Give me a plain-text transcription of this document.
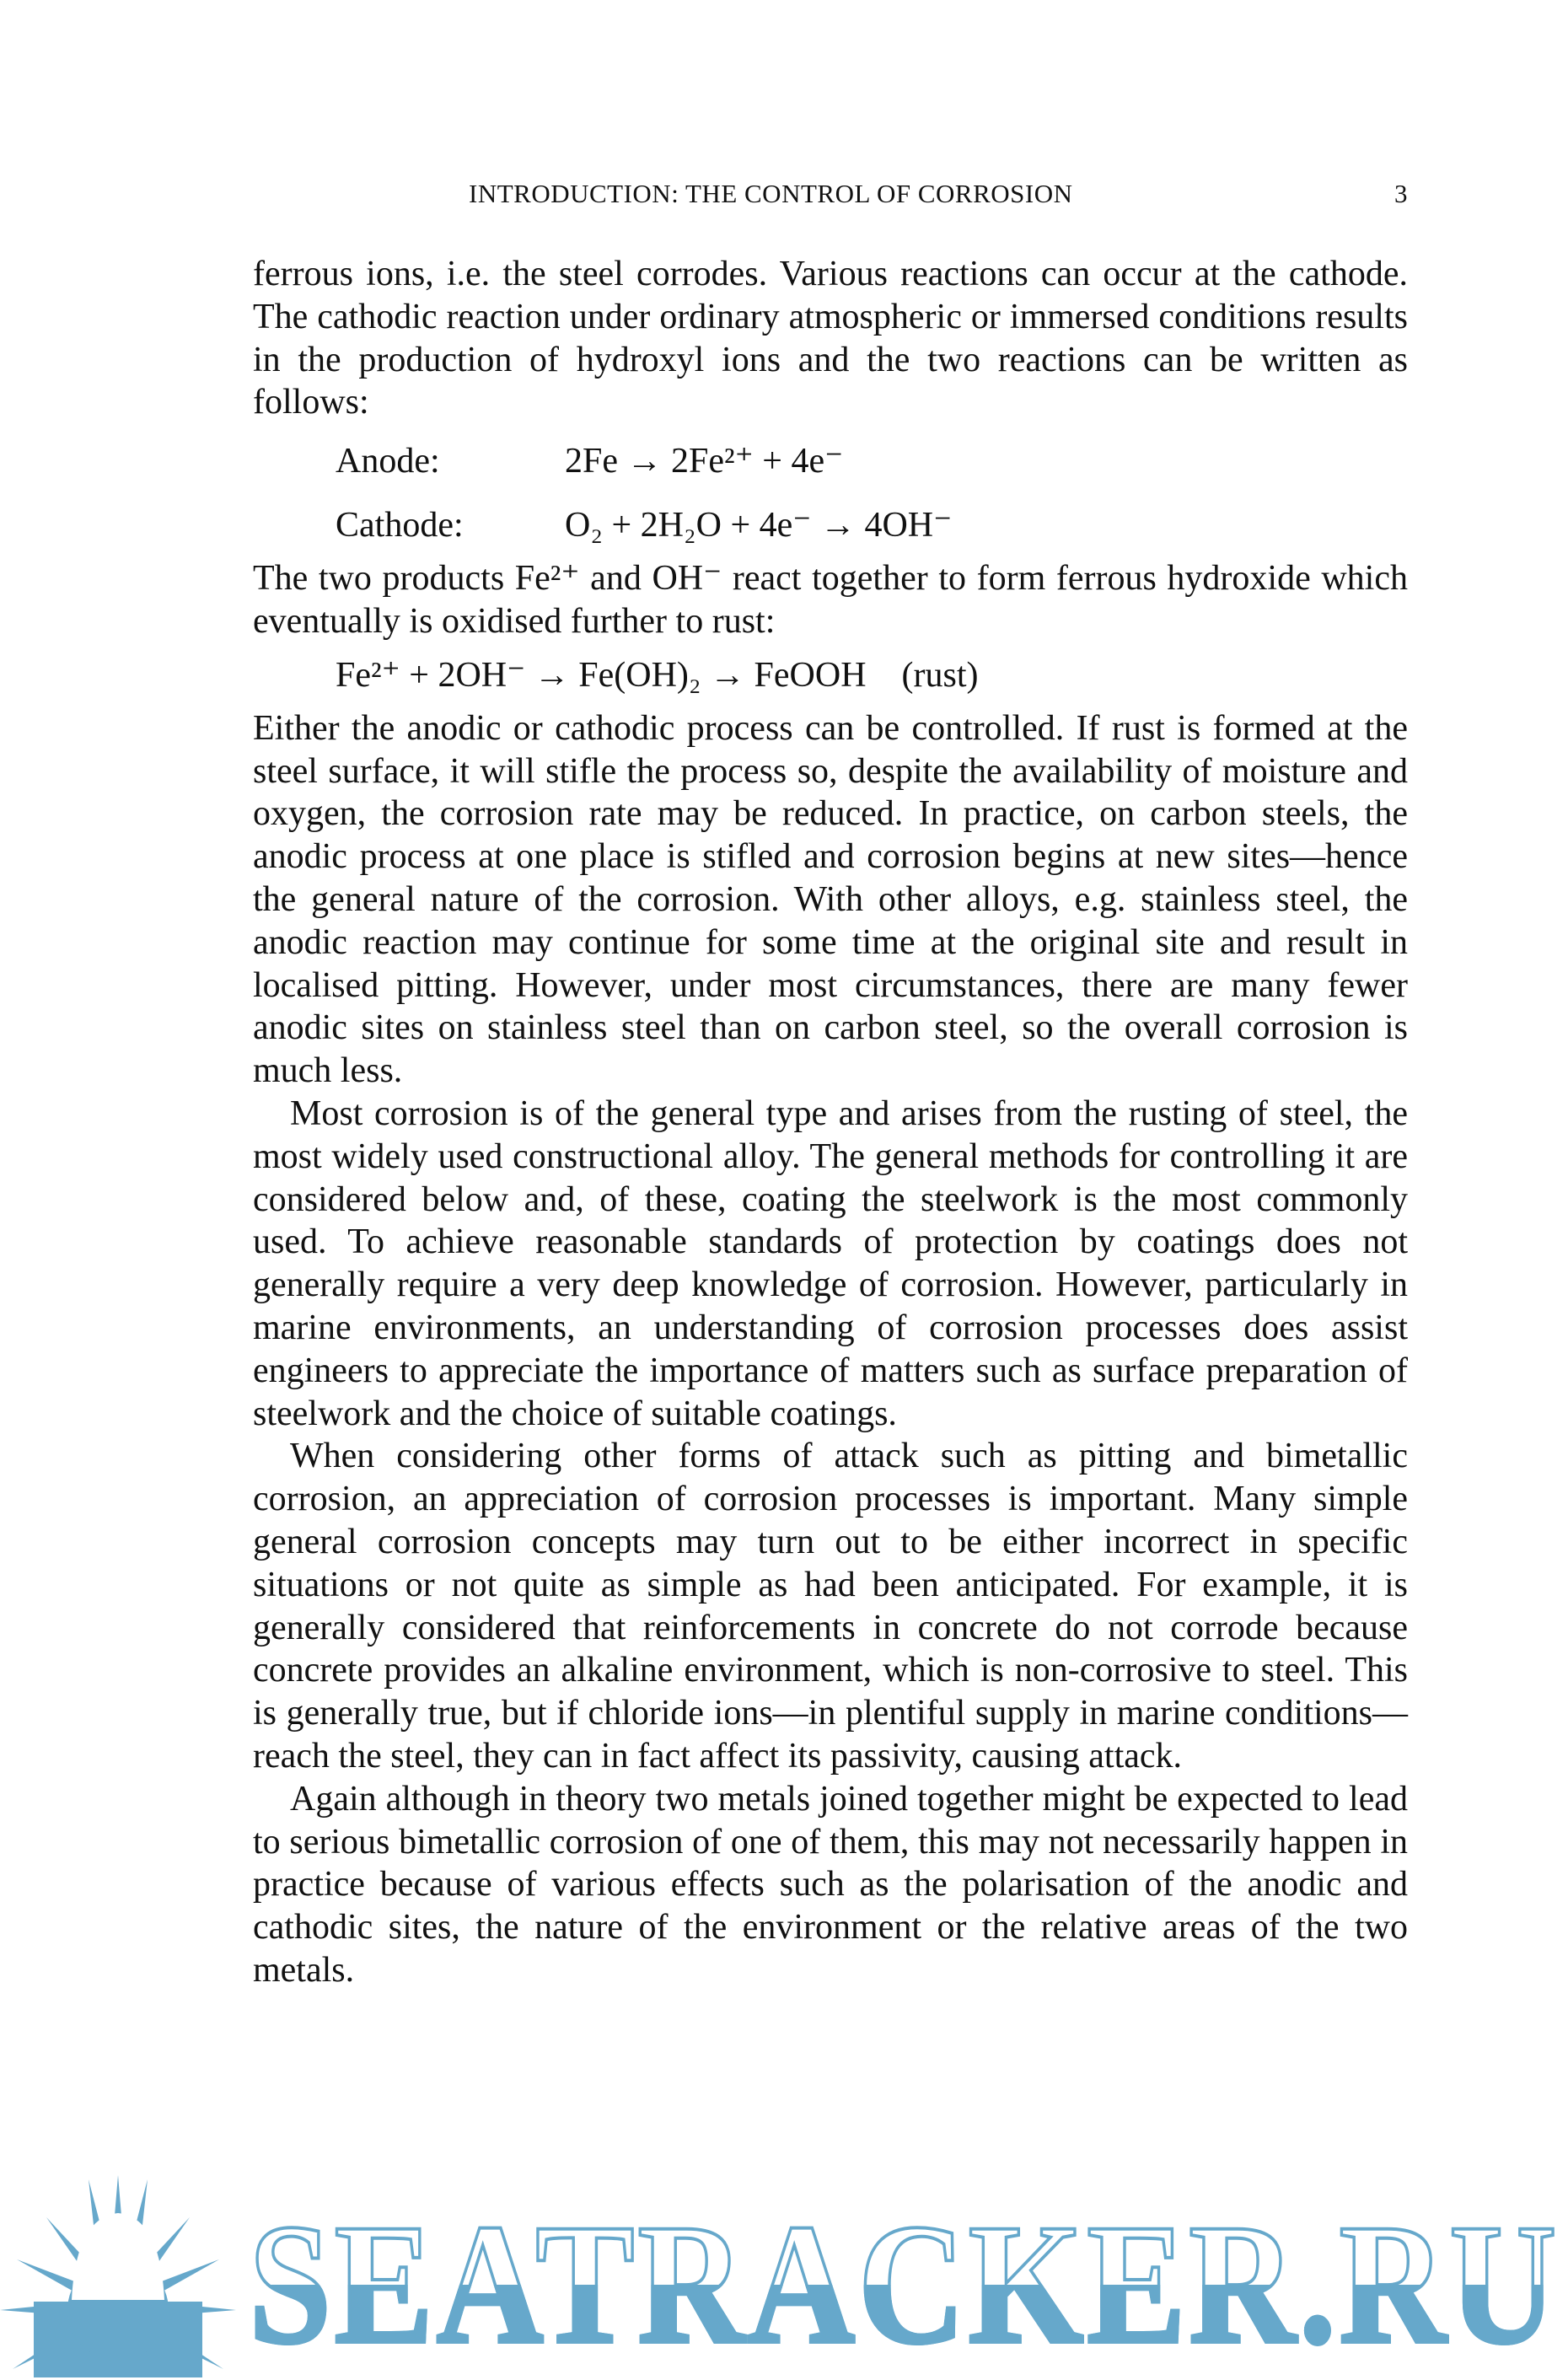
INTRODUCTION: THE CONTROL OF CORROSION	3

ferrous ions, i.e. the steel corrodes. Various reactions can occur at the cathode. The cathodic reaction under ordinary atmospheric or immersed conditions results in the production of hydroxyl ions and the two reactions can be written as follows:

Anode:	2Fe → 2Fe²⁺ + 4e⁻
Cathode:	O₂ + 2H₂O + 4e⁻ → 4OH⁻

The two products Fe²⁺ and OH⁻ react together to form ferrous hydroxide which eventually is oxidised further to rust:

Fe²⁺ + 2OH⁻ → Fe(OH)₂ → FeOOH    (rust)

Either the anodic or cathodic process can be controlled. If rust is formed at the steel surface, it will stifle the process so, despite the availability of moisture and oxygen, the corrosion rate may be reduced. In practice, on carbon steels, the anodic process at one place is stifled and corrosion begins at new sites—hence the general nature of the corrosion. With other alloys, e.g. stainless steel, the anodic reaction may continue for some time at the original site and result in localised pitting. However, under most circumstances, there are many fewer anodic sites on stainless steel than on carbon steel, so the overall corrosion is much less.

Most corrosion is of the general type and arises from the rusting of steel, the most widely used constructional alloy. The general methods for controlling it are considered below and, of these, coating the steelwork is the most commonly used. To achieve reasonable standards of protection by coatings does not generally require a very deep knowledge of corrosion. However, particularly in marine environments, an understanding of corrosion processes does assist engineers to appreciate the importance of matters such as surface preparation of steelwork and the choice of suitable coatings.

When considering other forms of attack such as pitting and bimetallic corrosion, an appreciation of corrosion processes is important. Many simple general corrosion concepts may turn out to be either incorrect in specific situations or not quite as simple as had been anticipated. For example, it is generally considered that reinforcements in concrete do not corrode because concrete provides an alkaline environment, which is non-corrosive to steel. This is generally true, but if chloride ions—in plentiful supply in marine conditions—reach the steel, they can in fact affect its passivity, causing attack.

Again although in theory two metals joined together might be expected to lead to serious bimetallic corrosion of one of them, this may not necessarily happen in practice because of various effects such as the polarisation of the anodic and cathodic sites, the nature of the environment or the relative areas of the two metals.

SEATRACKER.RU
